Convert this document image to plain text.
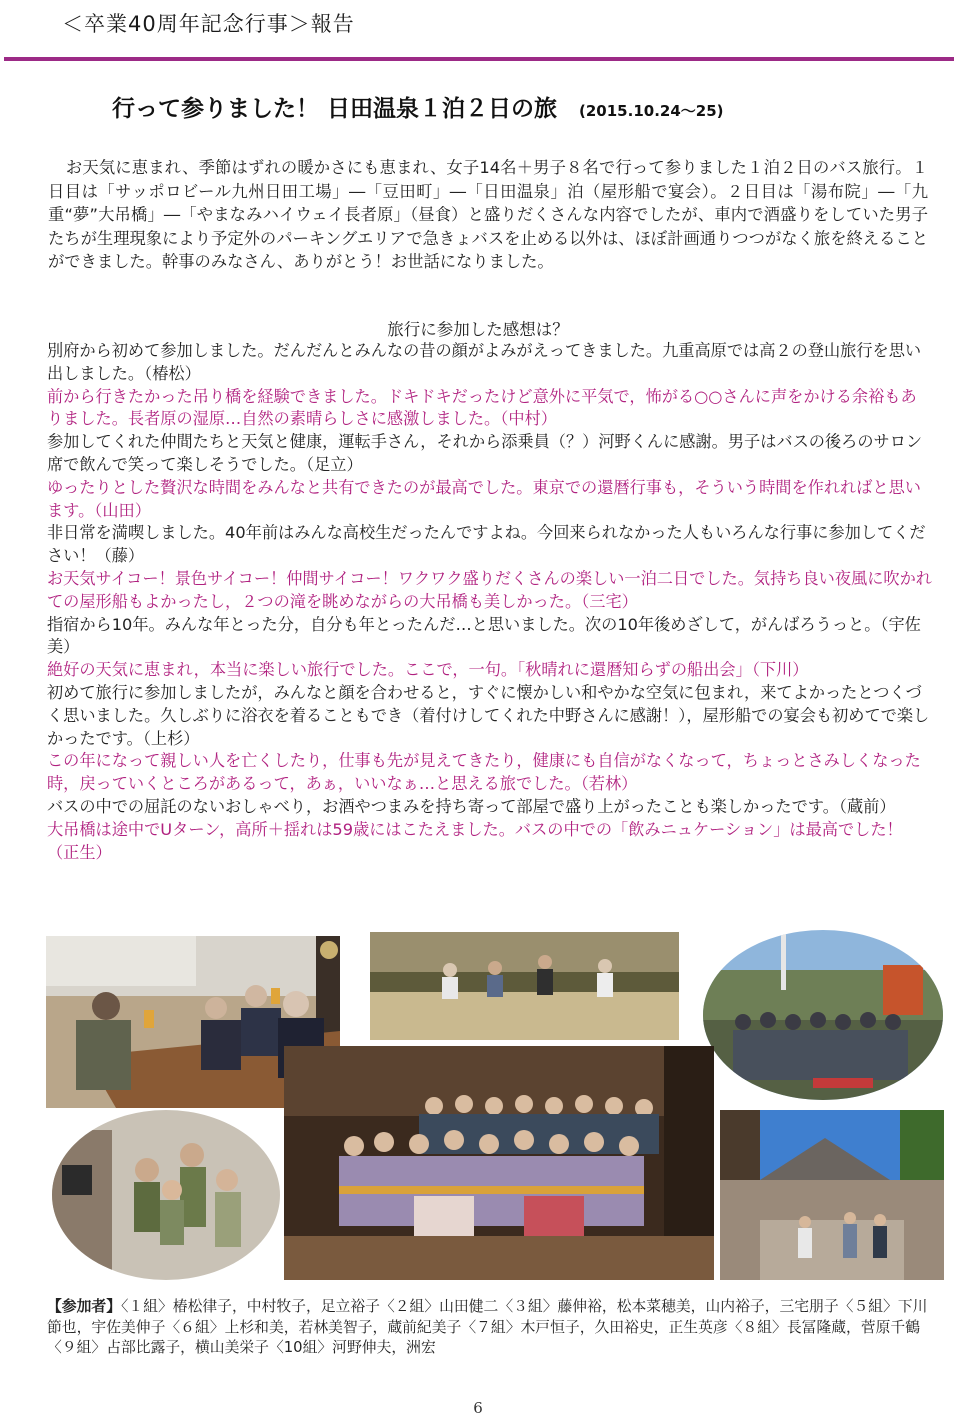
＜卒業40周年記念行事＞報告
行って参りました！ 日田温泉１泊２日の旅 (2015.10.24～25)

お天気に恵まれ、季節はずれの暖かさにも恵まれ、女子14名＋男子８名で行って参りました１泊２日のバス旅行。１日目は「サッポロビール九州日田工場」―「豆田町」―「日田温泉」泊（屋形船で宴会）。２日目は「湯布院」―「九重“夢”大吊橋」―「やまなみハイウェイ長者原」（昼食）と盛りだくさんな内容でしたが、車内で酒盛りをしていた男子たちが生理現象により予定外のパーキングエリアで急きょバスを止める以外は、ほぼ計画通りつつがなく旅を終えることができました。幹事のみなさん、ありがとう！お世話になりました。

旅行に参加した感想は？
別府から初めて参加しました。だんだんとみんなの昔の顔がよみがえってきました。九重高原では高２の登山旅行を思い出しました。（椿松）
前から行きたかった吊り橋を経験できました。ドキドキだったけど意外に平気で，怖がる○○さんに声をかける余裕もありました。長者原の湿原…自然の素晴らしさに感激しました。（中村）
参加してくれた仲間たちと天気と健康，運転手さん，それから添乗員（？）河野くんに感謝。男子はバスの後ろのサロン席で飲んで笑って楽しそうでした。（足立）
ゆったりとした贅沢な時間をみんなと共有できたのが最高でした。東京での還暦行事も，そういう時間を作れればと思います。（山田）
非日常を満喫しました。40年前はみんな高校生だったんですよね。今回来られなかった人もいろんな行事に参加してください！（藤）
お天気サイコー！景色サイコー！仲間サイコー！ワクワク盛りだくさんの楽しい一泊二日でした。気持ち良い夜風に吹かれての屋形船もよかったし，２つの滝を眺めながらの大吊橋も美しかった。（三宅）
指宿から10年。みんな年とった分，自分も年とったんだ…と思いました。次の10年後めざして，がんばろうっと。（宇佐美）
絶好の天気に恵まれ，本当に楽しい旅行でした。ここで，一句。「秋晴れに還暦知らずの船出会」（下川）
初めて旅行に参加しましたが，みんなと顔を合わせると，すぐに懐かしい和やかな空気に包まれ，来てよかったとつくづく思いました。久しぶりに浴衣を着ることもでき（着付けしてくれた中野さんに感謝！），屋形船での宴会も初めてで楽しかったです。（上杉）
この年になって親しい人を亡くしたり，仕事も先が見えてきたり，健康にも自信がなくなって，ちょっとさみしくなった時，戻っていくところがあるって，あぁ，いいなぁ…と思える旅でした。（若林）
バスの中での屈託のないおしゃべり，お酒やつまみを持ち寄って部屋で盛り上がったことも楽しかったです。（蔵前）
大吊橋は途中でUターン，高所＋揺れは59歳にはこたえました。バスの中での「飲みニュケーション」は最高でした！（正生）

【参加者】〈１組〉椿松律子，中村牧子，足立裕子〈２組〉山田健二〈３組〉藤伸裕，松本菜穂美，山内裕子，三宅朋子〈５組〉下川節也，宇佐美伸子〈６組〉上杉和美，若林美智子，蔵前紀美子〈７組〉木戸恒子，久田裕史，正生英彦〈８組〉長冨隆蔵，菅原千鶴〈９組〉占部比露子，横山美栄子〈10組〉河野伸夫，洲宏

6
